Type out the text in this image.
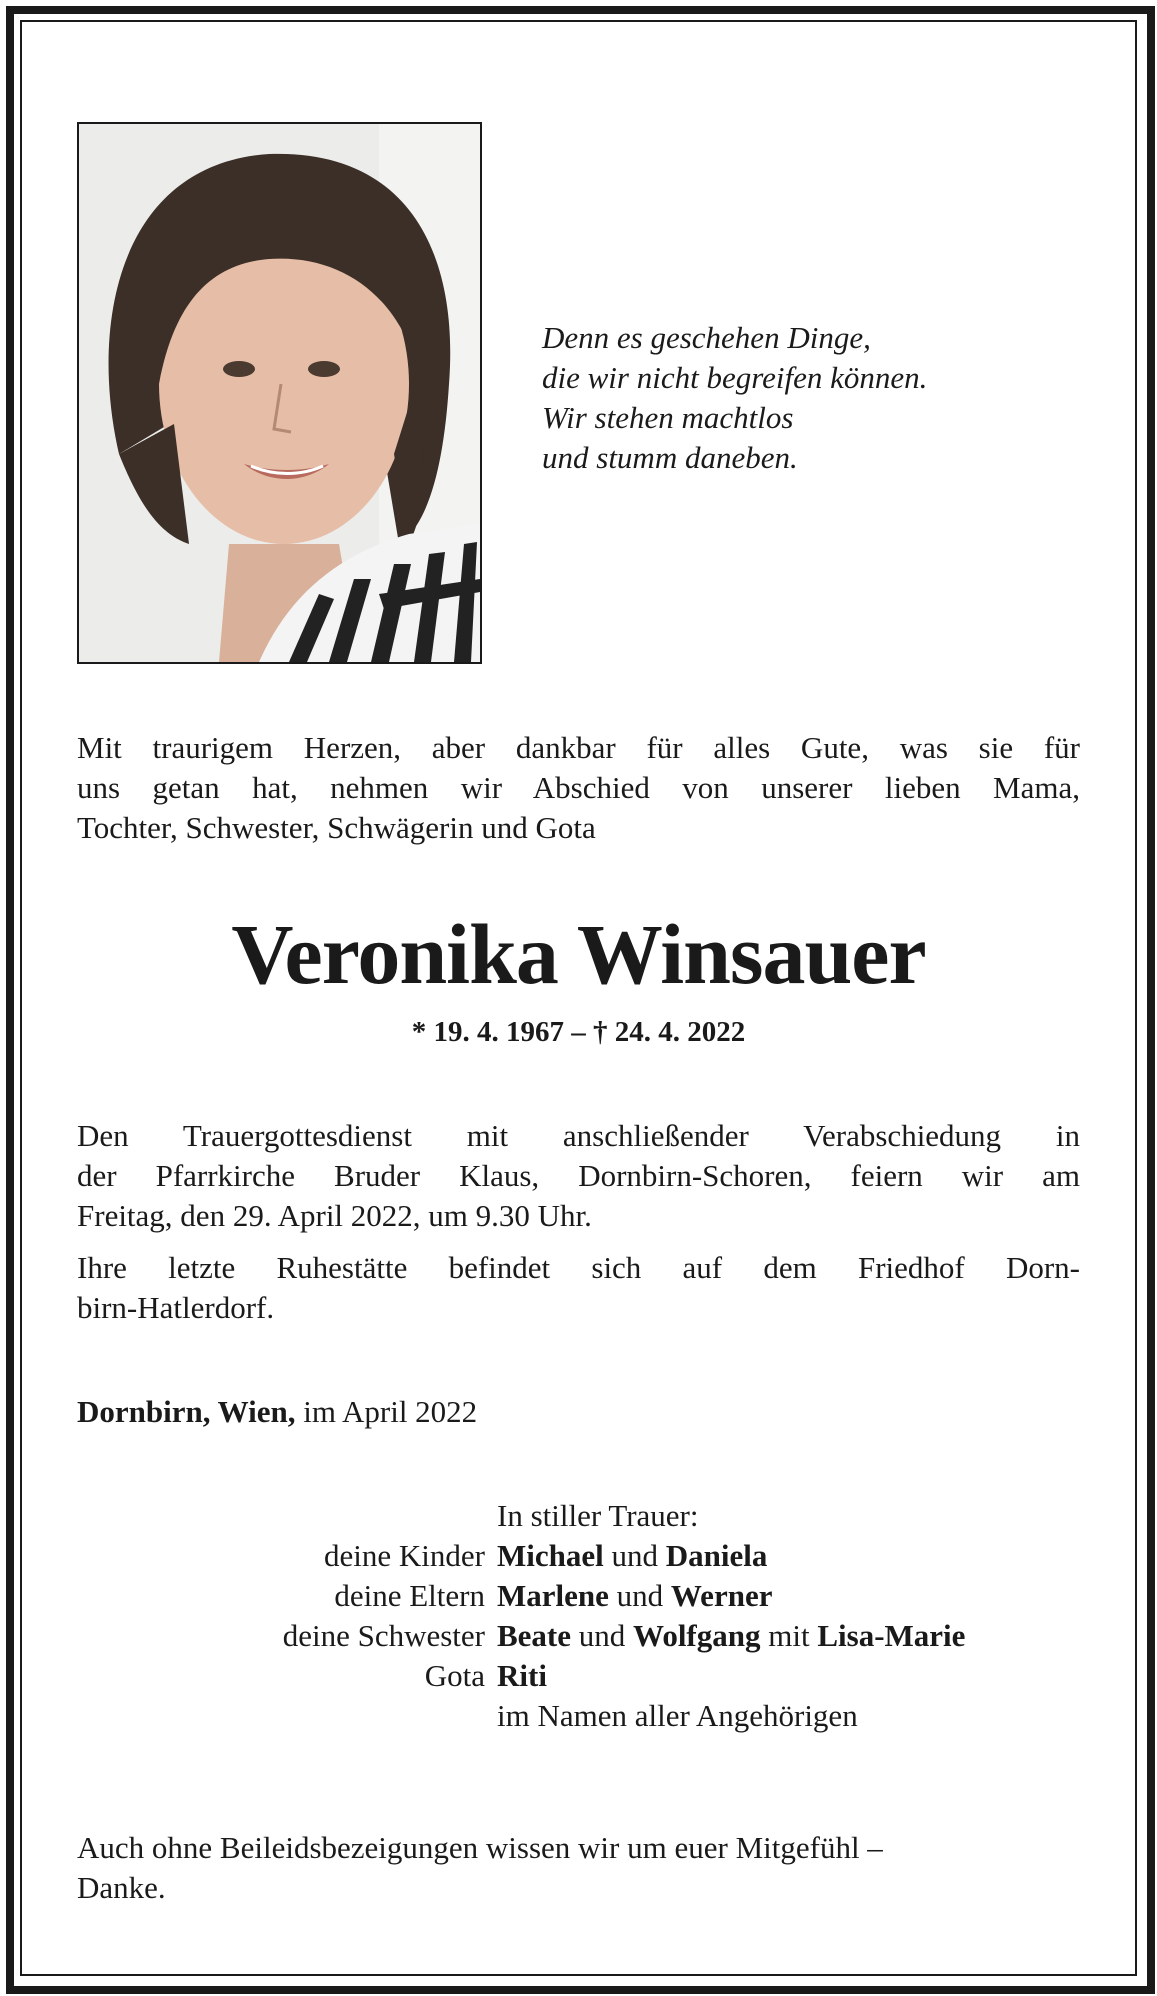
Denn es geschehen Dinge,
die wir nicht begreifen können.
Wir stehen machtlos
und stumm daneben.
Mit traurigem Herzen, aber dankbar für alles Gute, was sie für
uns getan hat, nehmen wir Abschied von unserer lieben Mama,
Tochter, Schwester, Schwägerin und Gota
Veronika Winsauer
* 19. 4. 1967 – † 24. 4. 2022
Den Trauergottesdienst mit anschließender Verabschiedung in
der Pfarrkirche Bruder Klaus, Dornbirn-Schoren, feiern wir am
Freitag, den 29. April 2022, um 9.30 Uhr.
Ihre letzte Ruhestätte befindet sich auf dem Friedhof Dorn-
birn-Hatlerdorf.
Dornbirn, Wien, im April 2022
In stiller Trauer:
deine Kinder Michael und Daniela
deine Eltern Marlene und Werner
deine Schwester Beate und Wolfgang mit Lisa-Marie
Gota Riti
im Namen aller Angehörigen
Auch ohne Beileidsbezeigungen wissen wir um euer Mitgefühl –
Danke.
